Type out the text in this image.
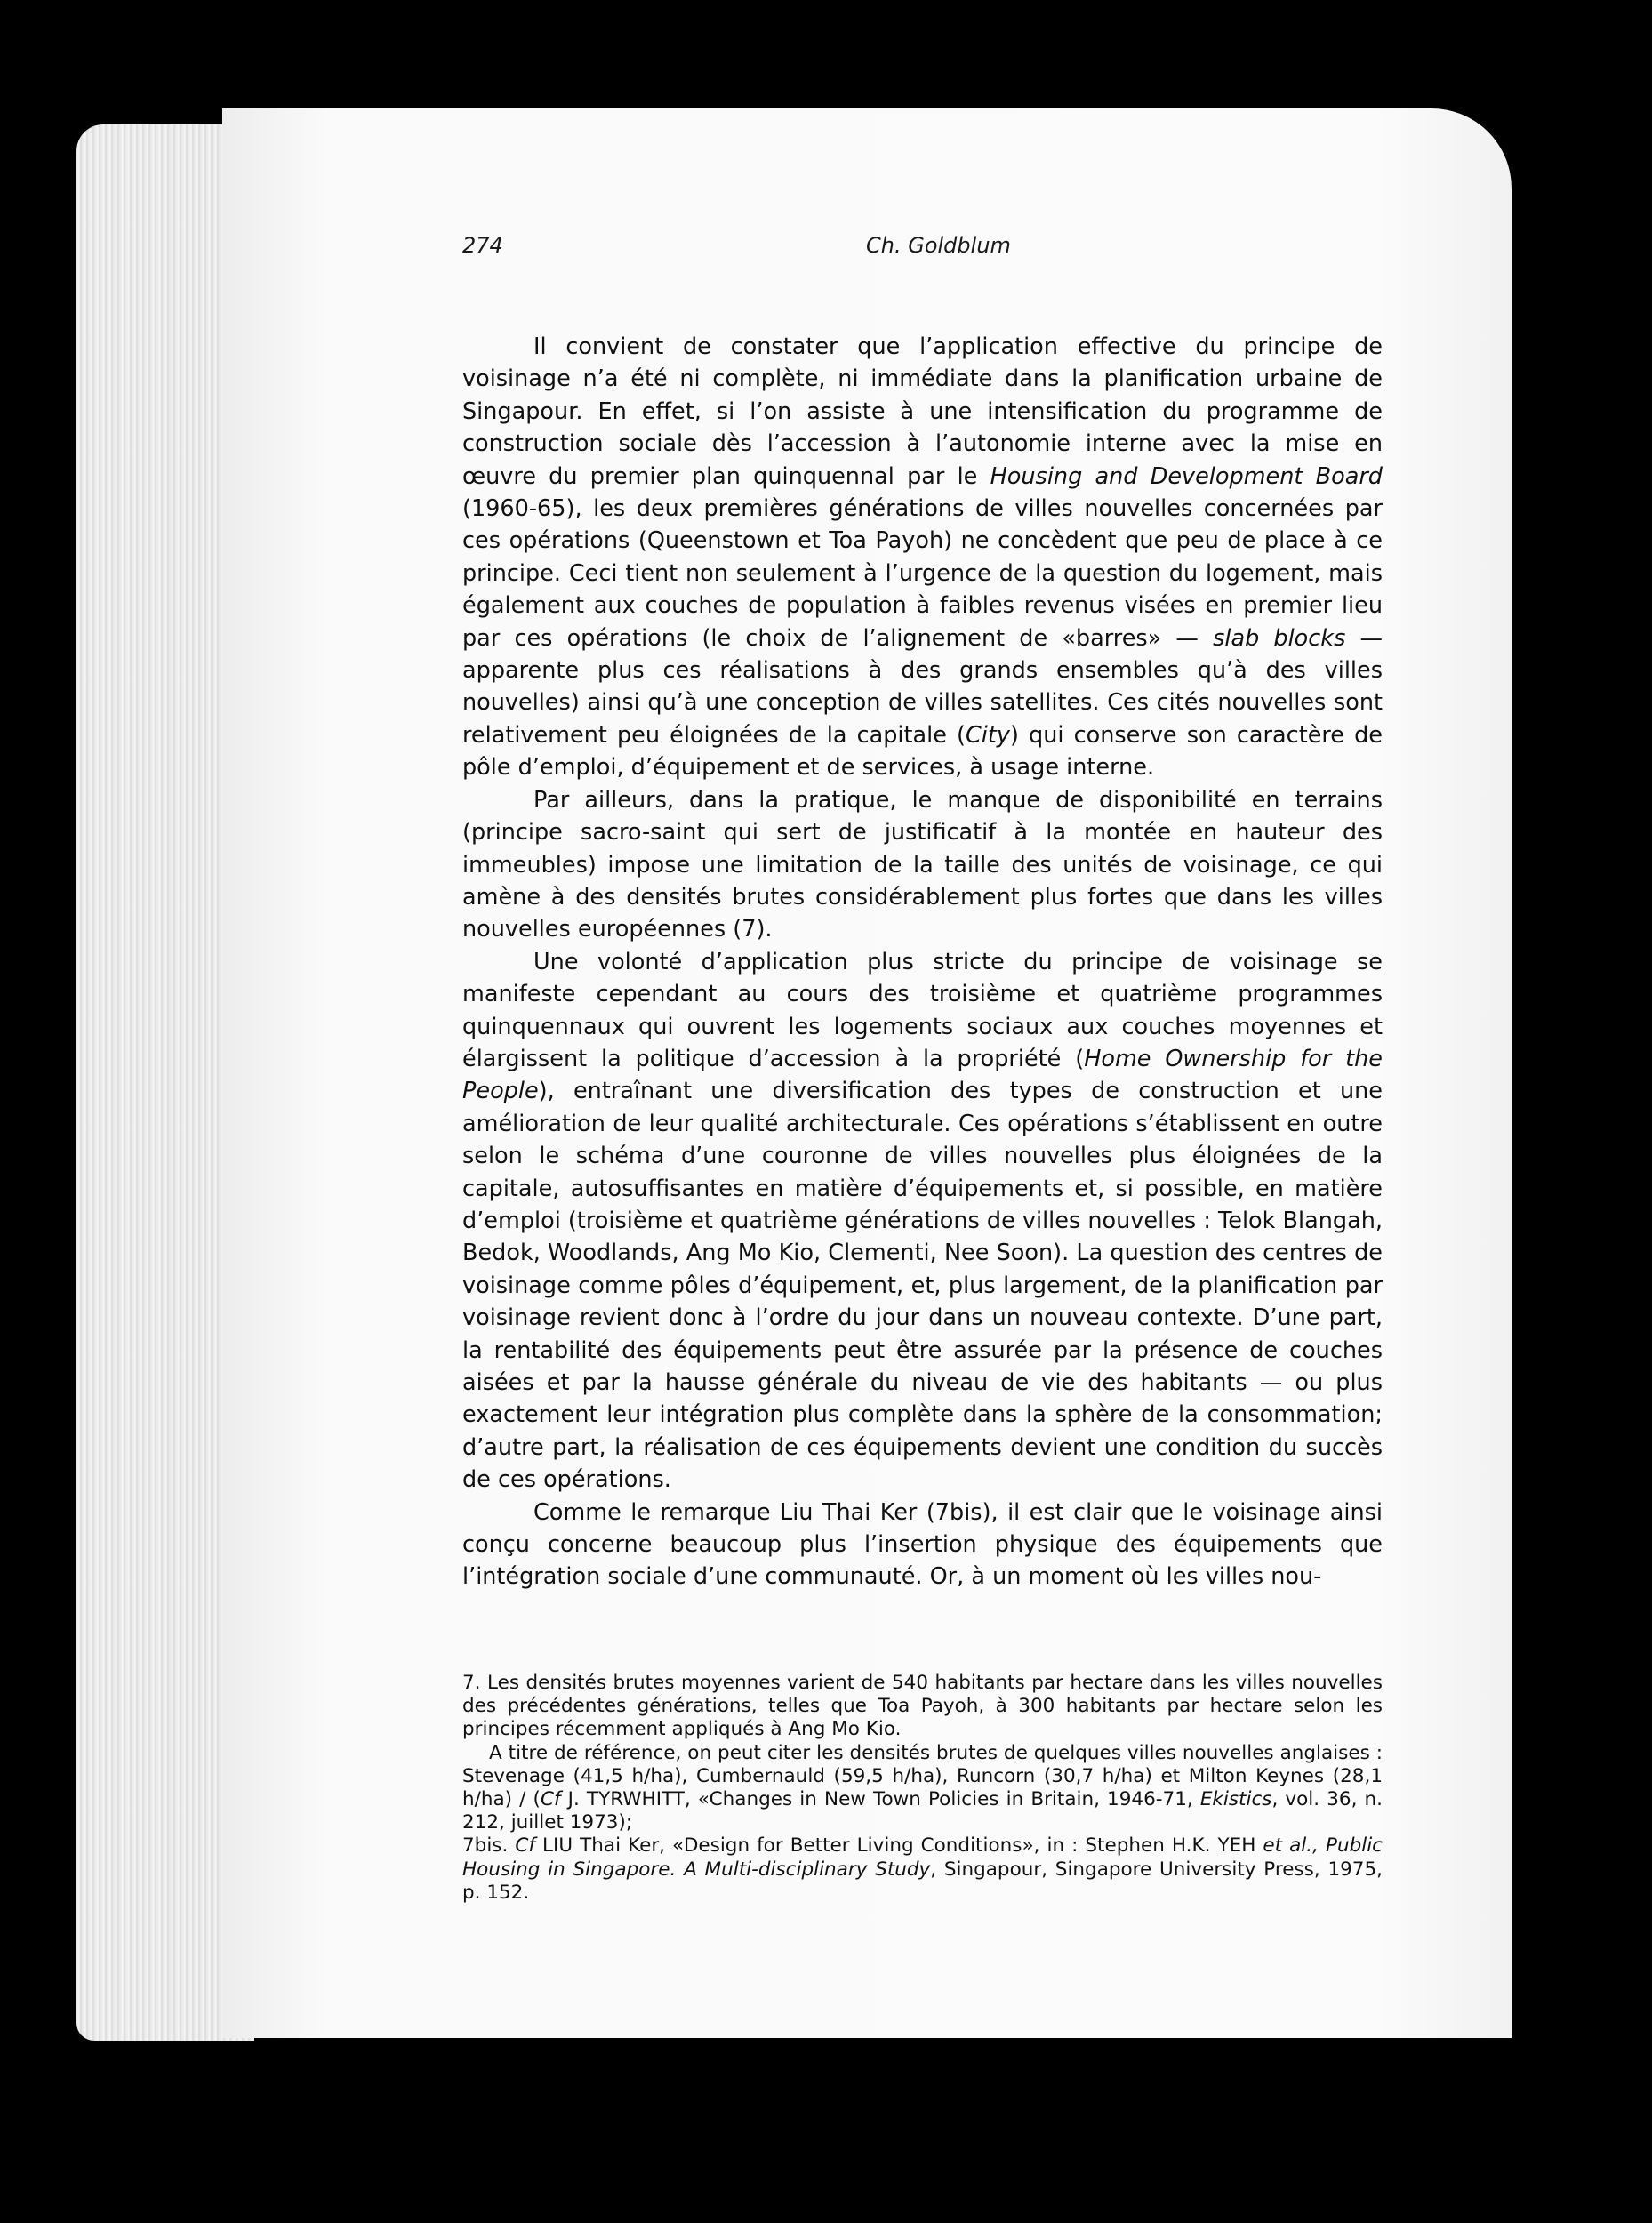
274	Ch. Goldblum

Il convient de constater que l’application effective du principe de voisinage n’a été ni complète, ni immédiate dans la planification urbaine de Singapour. En effet, si l’on assiste à une intensification du programme de construction sociale dès l’accession à l’autonomie interne avec la mise en œuvre du premier plan quinquennal par le Housing and Development Board (1960-65), les deux premières générations de villes nouvelles concernées par ces opérations (Queenstown et Toa Payoh) ne concèdent que peu de place à ce principe. Ceci tient non seulement à l’urgence de la question du logement, mais également aux couches de population à faibles revenus visées en premier lieu par ces opérations (le choix de l’alignement de «barres» — slab blocks — apparente plus ces réalisations à des grands ensembles qu’à des villes nouvelles) ainsi qu’à une conception de villes satellites. Ces cités nouvelles sont relativement peu éloignées de la capitale (City) qui conserve son caractère de pôle d’emploi, d’équipement et de services, à usage interne.

Par ailleurs, dans la pratique, le manque de disponibilité en terrains (principe sacro-saint qui sert de justificatif à la montée en hauteur des immeubles) impose une limitation de la taille des unités de voisinage, ce qui amène à des densités brutes considérablement plus fortes que dans les villes nouvelles européennes (7).

Une volonté d’application plus stricte du principe de voisinage se manifeste cependant au cours des troisième et quatrième programmes quinquennaux qui ouvrent les logements sociaux aux couches moyennes et élargissent la politique d’accession à la propriété (Home Ownership for the People), entraînant une diversification des types de construction et une amélioration de leur qualité architecturale. Ces opérations s’établissent en outre selon le schéma d’une couronne de villes nouvelles plus éloignées de la capitale, autosuffisantes en matière d’équipements et, si possible, en matière d’emploi (troisième et quatrième générations de villes nouvelles : Telok Blangah, Bedok, Woodlands, Ang Mo Kio, Clementi, Nee Soon). La question des centres de voisinage comme pôles d’équipement, et, plus largement, de la planification par voisinage revient donc à l’ordre du jour dans un nouveau contexte. D’une part, la rentabilité des équipements peut être assurée par la présence de couches aisées et par la hausse générale du niveau de vie des habitants — ou plus exactement leur intégration plus complète dans la sphère de la consommation; d’autre part, la réalisation de ces équipements devient une condition du succès de ces opérations.

Comme le remarque Liu Thai Ker (7bis), il est clair que le voisinage ainsi conçu concerne beaucoup plus l’insertion physique des équipements que l’intégration sociale d’une communauté. Or, à un moment où les villes nou-

7. Les densités brutes moyennes varient de 540 habitants par hectare dans les villes nouvelles des précédentes générations, telles que Toa Payoh, à 300 habitants par hectare selon les principes récemment appliqués à Ang Mo Kio.

A titre de référence, on peut citer les densités brutes de quelques villes nouvelles anglaises : Stevenage (41,5 h/ha), Cumbernauld (59,5 h/ha), Runcorn (30,7 h/ha) et Milton Keynes (28,1 h/ha) / (Cf J. TYRWHITT, «Changes in New Town Policies in Britain, 1946-71, Ekistics, vol. 36, n. 212, juillet 1973);

7bis. Cf LIU Thai Ker, «Design for Better Living Conditions», in : Stephen H.K. YEH et al., Public Housing in Singapore. A Multi-disciplinary Study, Singapour, Singapore University Press, 1975, p. 152.
